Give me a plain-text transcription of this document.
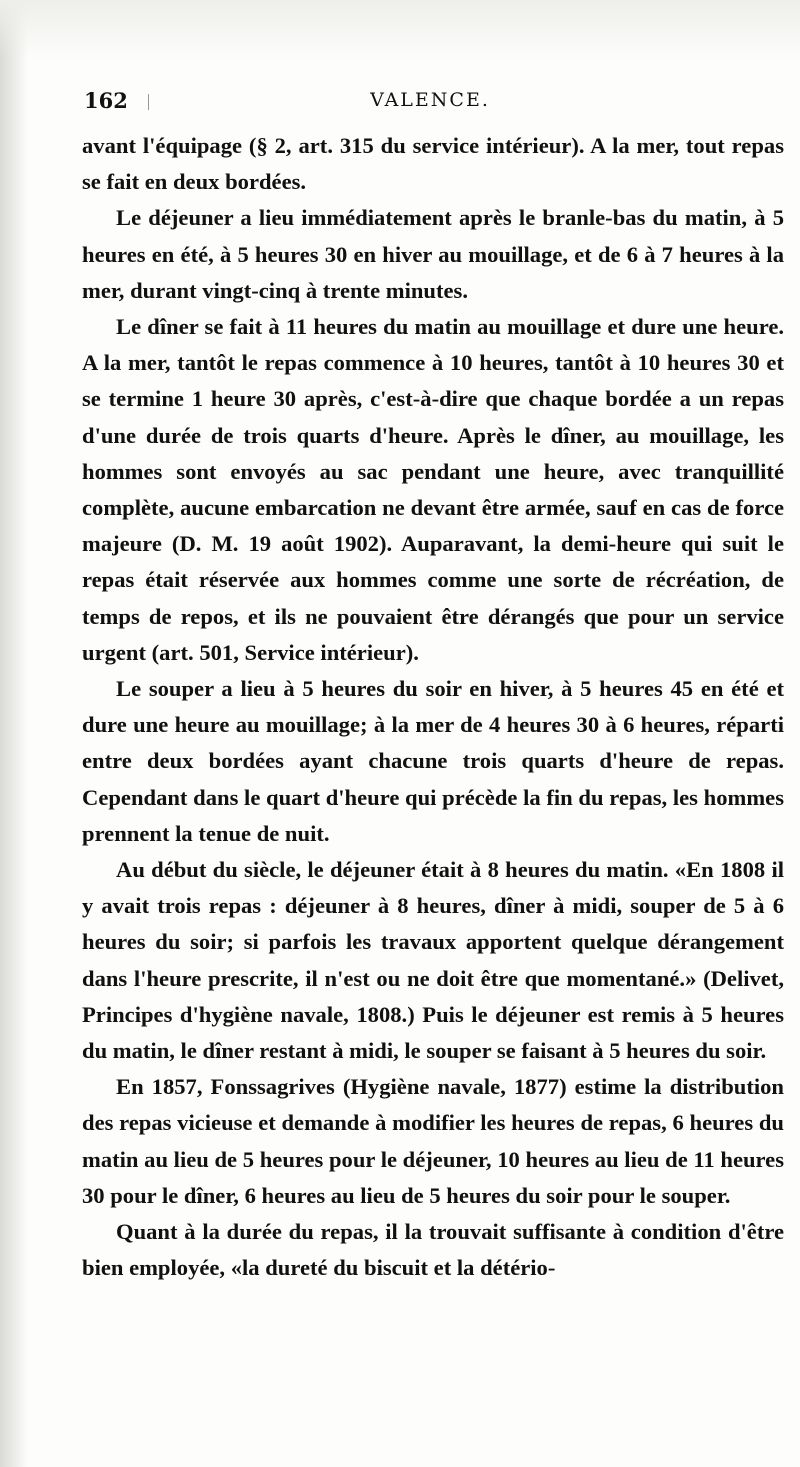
162	VALENCE.

avant l'équipage (§ 2, art. 315 du service intérieur). A la mer, tout repas se fait en deux bordées.

Le déjeuner a lieu immédiatement après le branle-bas du matin, à 5 heures en été, à 5 heures 30 en hiver au mouillage, et de 6 à 7 heures à la mer, durant vingt-cinq à trente minutes.

Le dîner se fait à 11 heures du matin au mouillage et dure une heure. A la mer, tantôt le repas commence à 10 heures, tantôt à 10 heures 30 et se termine 1 heure 30 après, c'est-à-dire que chaque bordée a un repas d'une durée de trois quarts d'heure. Après le dîner, au mouillage, les hommes sont envoyés au sac pendant une heure, avec tranquillité complète, aucune embarcation ne devant être armée, sauf en cas de force majeure (D. M. 19 août 1902). Auparavant, la demi-heure qui suit le repas était réservée aux hommes comme une sorte de récréation, de temps de repos, et ils ne pouvaient être dérangés que pour un service urgent (art. 501, Service intérieur).

Le souper a lieu à 5 heures du soir en hiver, à 5 heures 45 en été et dure une heure au mouillage; à la mer de 4 heures 30 à 6 heures, réparti entre deux bordées ayant chacune trois quarts d'heure de repas. Cependant dans le quart d'heure qui précède la fin du repas, les hommes prennent la tenue de nuit.

Au début du siècle, le déjeuner était à 8 heures du matin. «En 1808 il y avait trois repas : déjeuner à 8 heures, dîner à midi, souper de 5 à 6 heures du soir; si parfois les travaux apportent quelque dérangement dans l'heure prescrite, il n'est ou ne doit être que momentané.» (Delivet, Principes d'hygiène navale, 1808.) Puis le déjeuner est remis à 5 heures du matin, le dîner restant à midi, le souper se faisant à 5 heures du soir.

En 1857, Fonssagrives (Hygiène navale, 1877) estime la distribution des repas vicieuse et demande à modifier les heures de repas, 6 heures du matin au lieu de 5 heures pour le déjeuner, 10 heures au lieu de 11 heures 30 pour le dîner, 6 heures au lieu de 5 heures du soir pour le souper.

Quant à la durée du repas, il la trouvait suffisante à condition d'être bien employée, «la dureté du biscuit et la détério-
